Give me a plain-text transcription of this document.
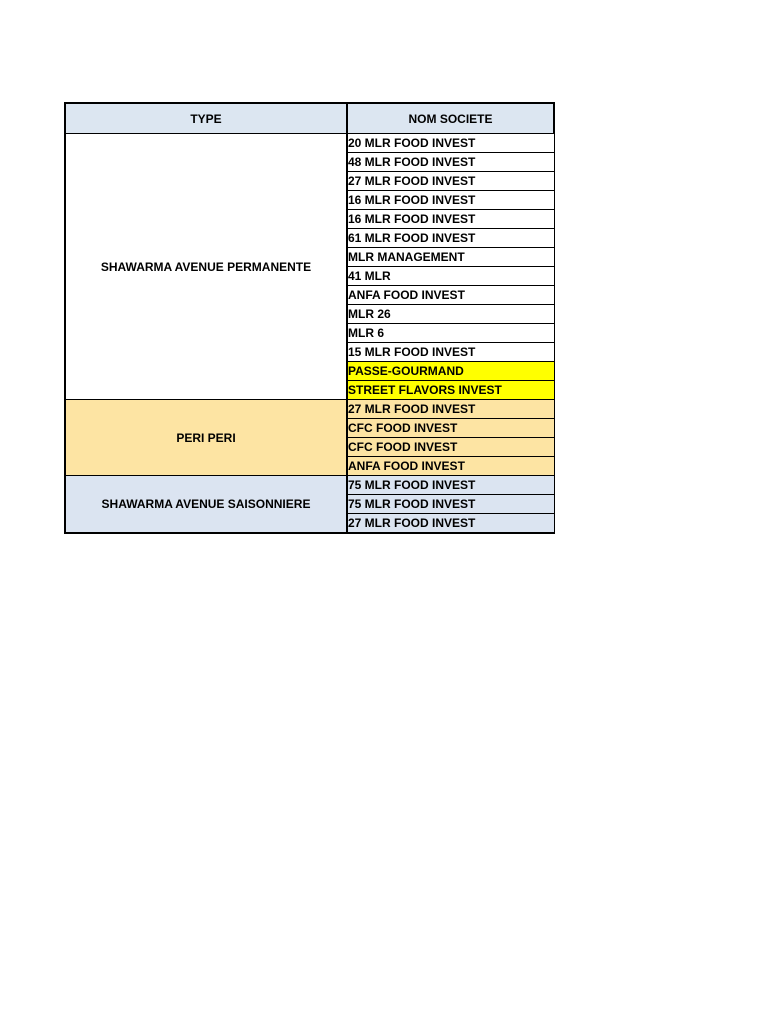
TYPE	NOM SOCIETE
SHAWARMA AVENUE PERMANENTE	20 MLR FOOD INVEST
	48 MLR FOOD INVEST
	27 MLR FOOD INVEST
	16 MLR FOOD INVEST
	16 MLR FOOD INVEST
	61 MLR FOOD INVEST
	MLR MANAGEMENT
	41 MLR
	ANFA FOOD INVEST
	MLR 26
	MLR 6
	15 MLR FOOD INVEST
	PASSE-GOURMAND
	STREET FLAVORS INVEST
PERI PERI	27 MLR FOOD INVEST
	CFC FOOD INVEST
	CFC FOOD INVEST
	ANFA FOOD INVEST
SHAWARMA AVENUE SAISONNIERE	75 MLR FOOD INVEST
	75 MLR FOOD INVEST
	27 MLR FOOD INVEST
